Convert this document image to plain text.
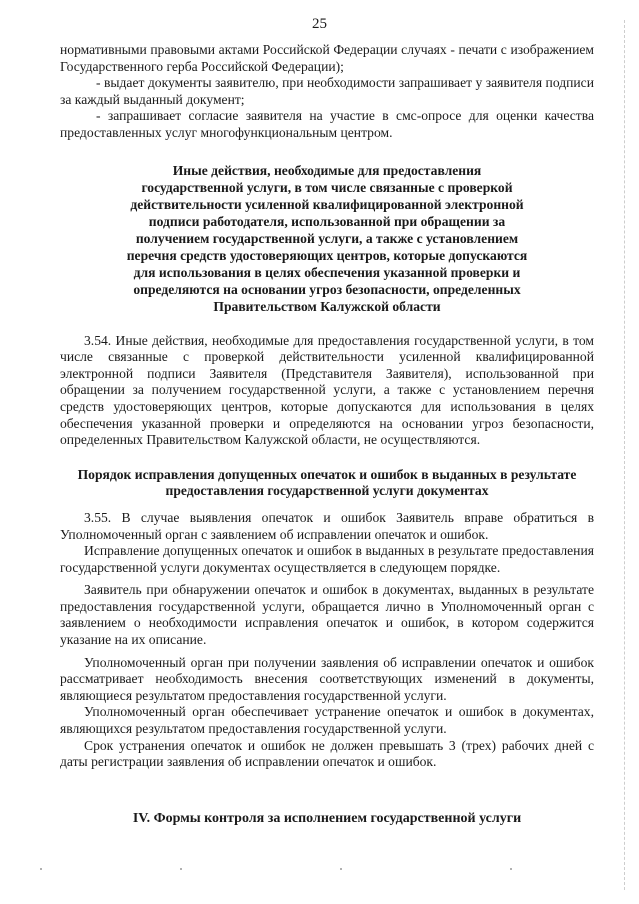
25

нормативными правовыми актами Российской Федерации случаях - печати с изображением Государственного герба Российской Федерации);

- выдает документы заявителю, при необходимости запрашивает у заявителя подписи за каждый выданный документ;

- запрашивает согласие заявителя на участие в смс-опросе для оценки качества предоставленных услуг многофункциональным центром.

Иные действия, необходимые для предоставления государственной услуги, в том числе связанные с проверкой действительности усиленной квалифицированной электронной подписи работодателя, использованной при обращении за получением государственной услуги, а также с установлением перечня средств удостоверяющих центров, которые допускаются для использования в целях обеспечения указанной проверки и определяются на основании угроз безопасности, определенных Правительством Калужской области

3.54. Иные действия, необходимые для предоставления государственной услуги, в том числе связанные с проверкой действительности усиленной квалифицированной электронной подписи Заявителя (Представителя Заявителя), использованной при обращении за получением государственной услуги, а также с установлением перечня средств удостоверяющих центров, которые допускаются для использования в целях обеспечения указанной проверки и определяются на основании угроз безопасности, определенных Правительством Калужской области, не осуществляются.

Порядок исправления допущенных опечаток и ошибок в выданных в результате предоставления государственной услуги документах

3.55. В случае выявления опечаток и ошибок Заявитель вправе обратиться в Уполномоченный орган с заявлением об исправлении опечаток и ошибок.

Исправление допущенных опечаток и ошибок в выданных в результате предоставления государственной услуги документах осуществляется в следующем порядке.

Заявитель при обнаружении опечаток и ошибок в документах, выданных в результате предоставления государственной услуги, обращается лично в Уполномоченный орган с заявлением о необходимости исправления опечаток и ошибок, в котором содержится указание на их описание.

Уполномоченный орган при получении заявления об исправлении опечаток и ошибок рассматривает необходимость внесения соответствующих изменений в документы, являющиеся результатом предоставления государственной услуги.

Уполномоченный орган обеспечивает устранение опечаток и ошибок в документах, являющихся результатом предоставления государственной услуги.

Срок устранения опечаток и ошибок не должен превышать 3 (трех) рабочих дней с даты регистрации заявления об исправлении опечаток и ошибок.

IV. Формы контроля за исполнением государственной услуги
